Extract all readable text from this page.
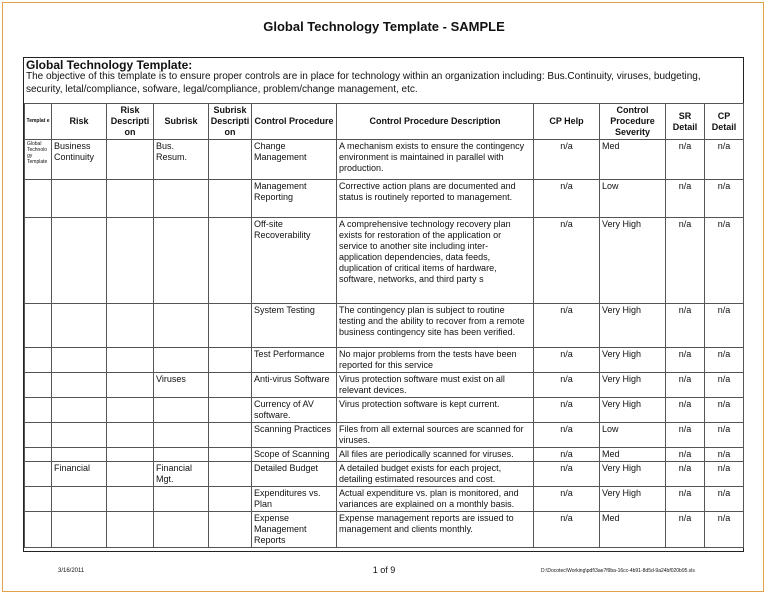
Global Technology Template - SAMPLE
Global Technology Template:
The objective of this template is to ensure proper controls are in place for technology within an organization including: Bus.Continuity, viruses, budgeting, security, letal/compliance, sofware, legal/compliance, problem/change management, etc.
Templat e	Risk	Risk Descripti on	Subrisk	Subrisk Descripti on	Control Procedure	Control Procedure Description	CP Help	Control Procedure Severity	SR Detail	CP Detail
Global Technolo gy Template	Business Continuity		Bus. Resum.		Change Management	A mechanism exists to ensure the contingency environment is maintained in parallel with production.	n/a	Med	n/a	n/a
					Management Reporting	Corrective action plans are documented and status is routinely reported to management.	n/a	Low	n/a	n/a
					Off-site Recoverability	A comprehensive technology recovery plan exists for restoration of the application or service to another site including inter-application dependencies, data feeds, duplication of critical items of hardware, software, networks, and third party s	n/a	Very High	n/a	n/a
					System Testing	The contingency plan is subject to routine testing and the ability to recover from a remote business contingency site has been verified.	n/a	Very High	n/a	n/a
					Test Performance	No major problems from the tests have been reported for this service	n/a	Very High	n/a	n/a
			Viruses		Anti-virus Software	Virus protection software must exist on all relevant devices.	n/a	Very High	n/a	n/a
					Currency of AV software.	Virus protection software is kept current.	n/a	Very High	n/a	n/a
					Scanning Practices	Files from all external sources are scanned for viruses.	n/a	Low	n/a	n/a
					Scope of Scanning	All files are periodically scanned for viruses.	n/a	Med	n/a	n/a
	Financial		Financial Mgt.		Detailed Budget	A detailed budget exists for each project, detailing estimated resources and cost.	n/a	Very High	n/a	n/a
					Expenditures vs. Plan	Actual expenditure vs. plan is monitored, and variances are explained on a monthly basis.	n/a	Very High	n/a	n/a
					Expense Management Reports	Expense management reports are issued to management and clients monthly.	n/a	Med	n/a	n/a
3/16/2011	1 of 9	D:\Docotec\Working\pdf\3ae7f9ba-16cc-4b91-8d5d-9a24bf020b95.xls
